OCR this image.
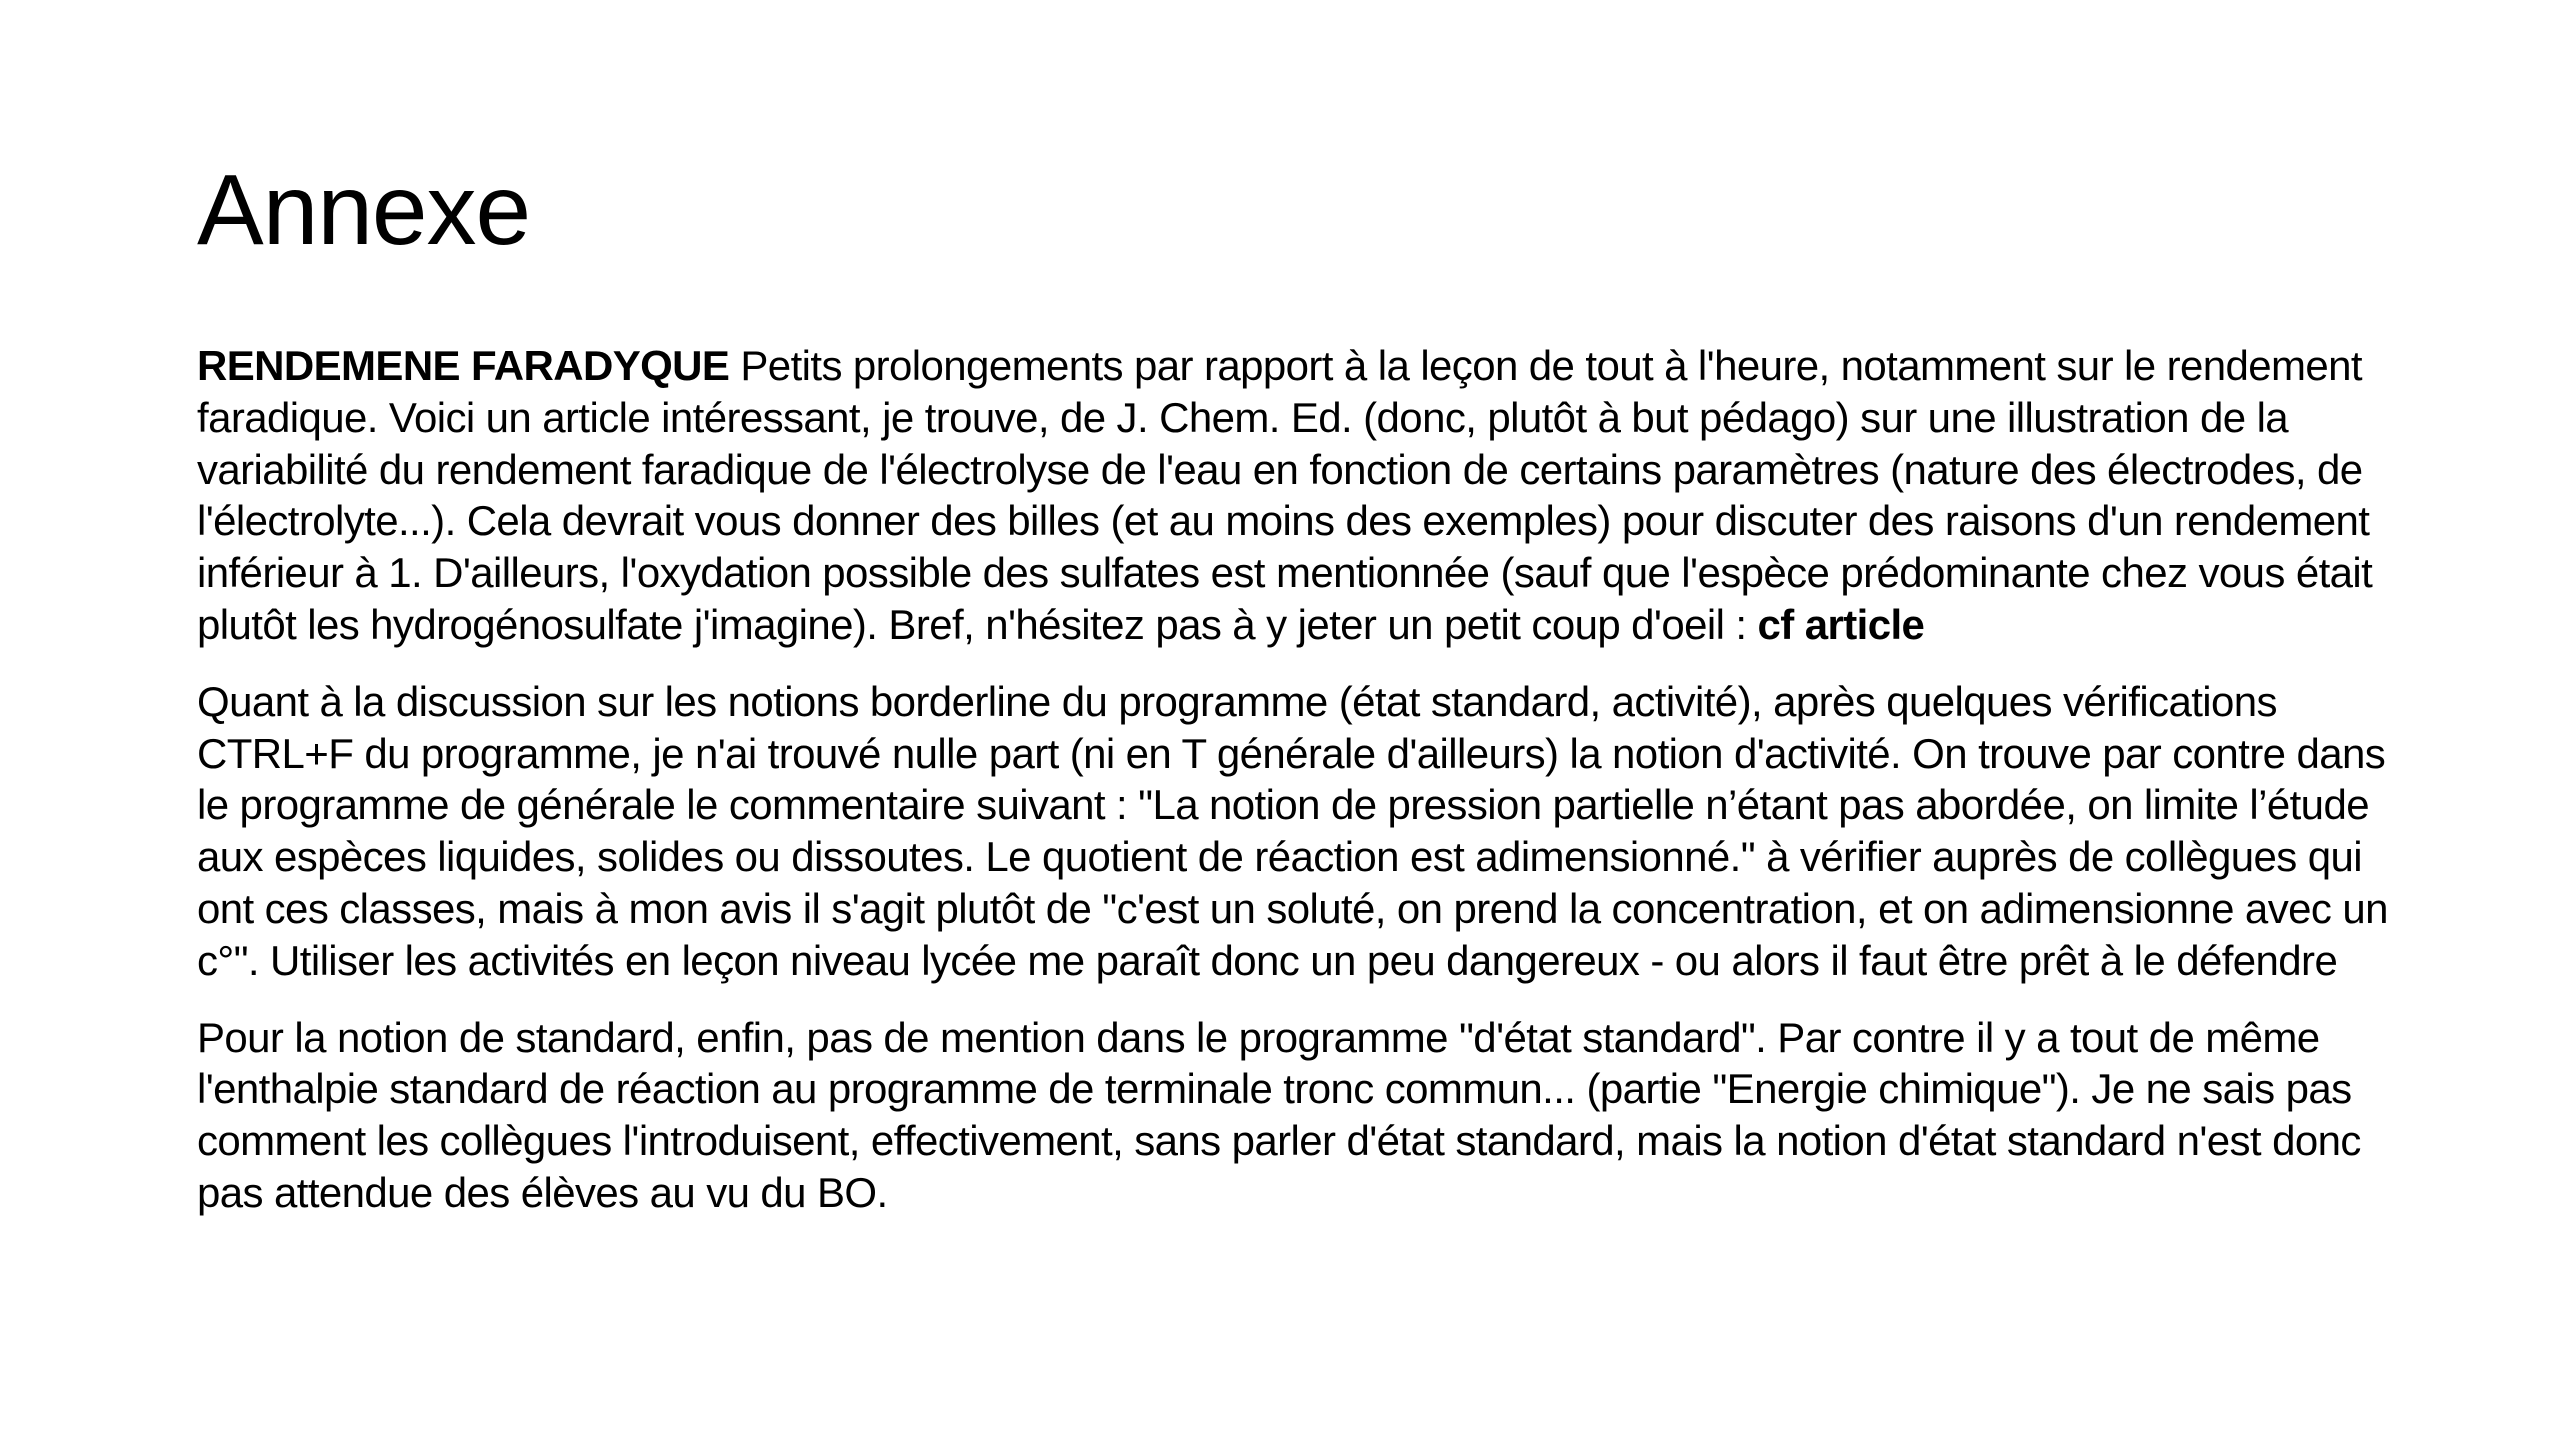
Annexe

RENDEMENE FARADYQUE Petits prolongements par rapport à la leçon de tout à l'heure, notamment sur le rendement faradique. Voici un article intéressant, je trouve, de J. Chem. Ed. (donc, plutôt à but pédago) sur une illustration de la variabilité du rendement faradique de l'électrolyse de l'eau en fonction de certains paramètres (nature des électrodes, de l'électrolyte...). Cela devrait vous donner des billes (et au moins des exemples) pour discuter des raisons d'un rendement inférieur à 1. D'ailleurs, l'oxydation possible des sulfates est mentionnée (sauf que l'espèce prédominante chez vous était plutôt les hydrogénosulfate j'imagine). Bref, n'hésitez pas à y jeter un petit coup d'oeil : cf article

Quant à la discussion sur les notions borderline du programme (état standard, activité), après quelques vérifications CTRL+F du programme, je n'ai trouvé nulle part (ni en T générale d'ailleurs) la notion d'activité. On trouve par contre dans le programme de générale le commentaire suivant : "La notion de pression partielle n’étant pas abordée, on limite l’étude aux espèces liquides, solides ou dissoutes. Le quotient de réaction est adimensionné." à vérifier auprès de collègues qui ont ces classes, mais à mon avis il s'agit plutôt de "c'est un soluté, on prend la concentration, et on adimensionne avec un c°". Utiliser les activités en leçon niveau lycée me paraît donc un peu dangereux - ou alors il faut être prêt à le défendre

Pour la notion de standard, enfin, pas de mention dans le programme "d'état standard". Par contre il y a tout de même l'enthalpie standard de réaction au programme de terminale tronc commun... (partie "Energie chimique"). Je ne sais pas comment les collègues l'introduisent, effectivement, sans parler d'état standard, mais la notion d'état standard n'est donc pas attendue des élèves au vu du BO.
